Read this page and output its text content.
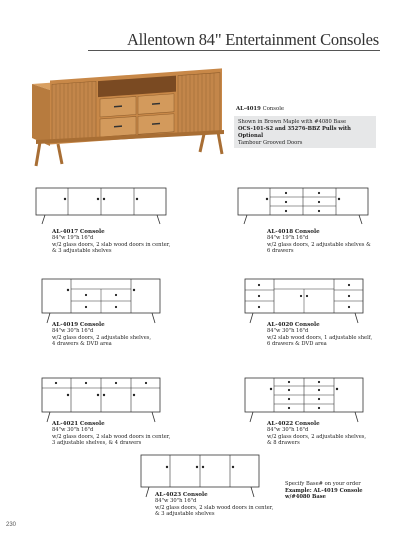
Allentown 84" Entertainment Consoles
AL-4019 Console
Shown in Brown Maple with #4080 Base
OCS-101-S2 and 35276-BBZ Pulls with Optional
Tambour Grooved Doors
AL-4017 Console
84"w 19"h 16"d
w/2 glass doors, 2 slab wood doors in center,
& 3 adjustable shelves
AL-4018 Console
84"w 19"h 16"d
w/2 glass doors, 2 adjustable shelves &
6 drawers
AL-4019 Console
84"w 30"h 16"d
w/2 glass doors, 2 adjustable shelves,
4 drawers & DVD area
AL-4020 Console
84"w 30"h 16"d
w/2 slab wood doors, 1 adjustable shelf,
6 drawers & DVD area
AL-4021 Console
84"w 30"h 16"d
w/2 glass doors, 2 slab wood doors in center,
3 adjustable shelves, & 4 drawers
AL-4022 Console
84"w 30"h 16"d
w/2 glass doors, 2 adjustable shelves,
& 8 drawers
AL-4023 Console
84"w 30"h 16"d
w/2 glass doors, 2 slab wood doors in center,
& 3 adjustable shelves
Specify Base# on your order
Example: AL-4019 Console
w/#4080 Base
230
